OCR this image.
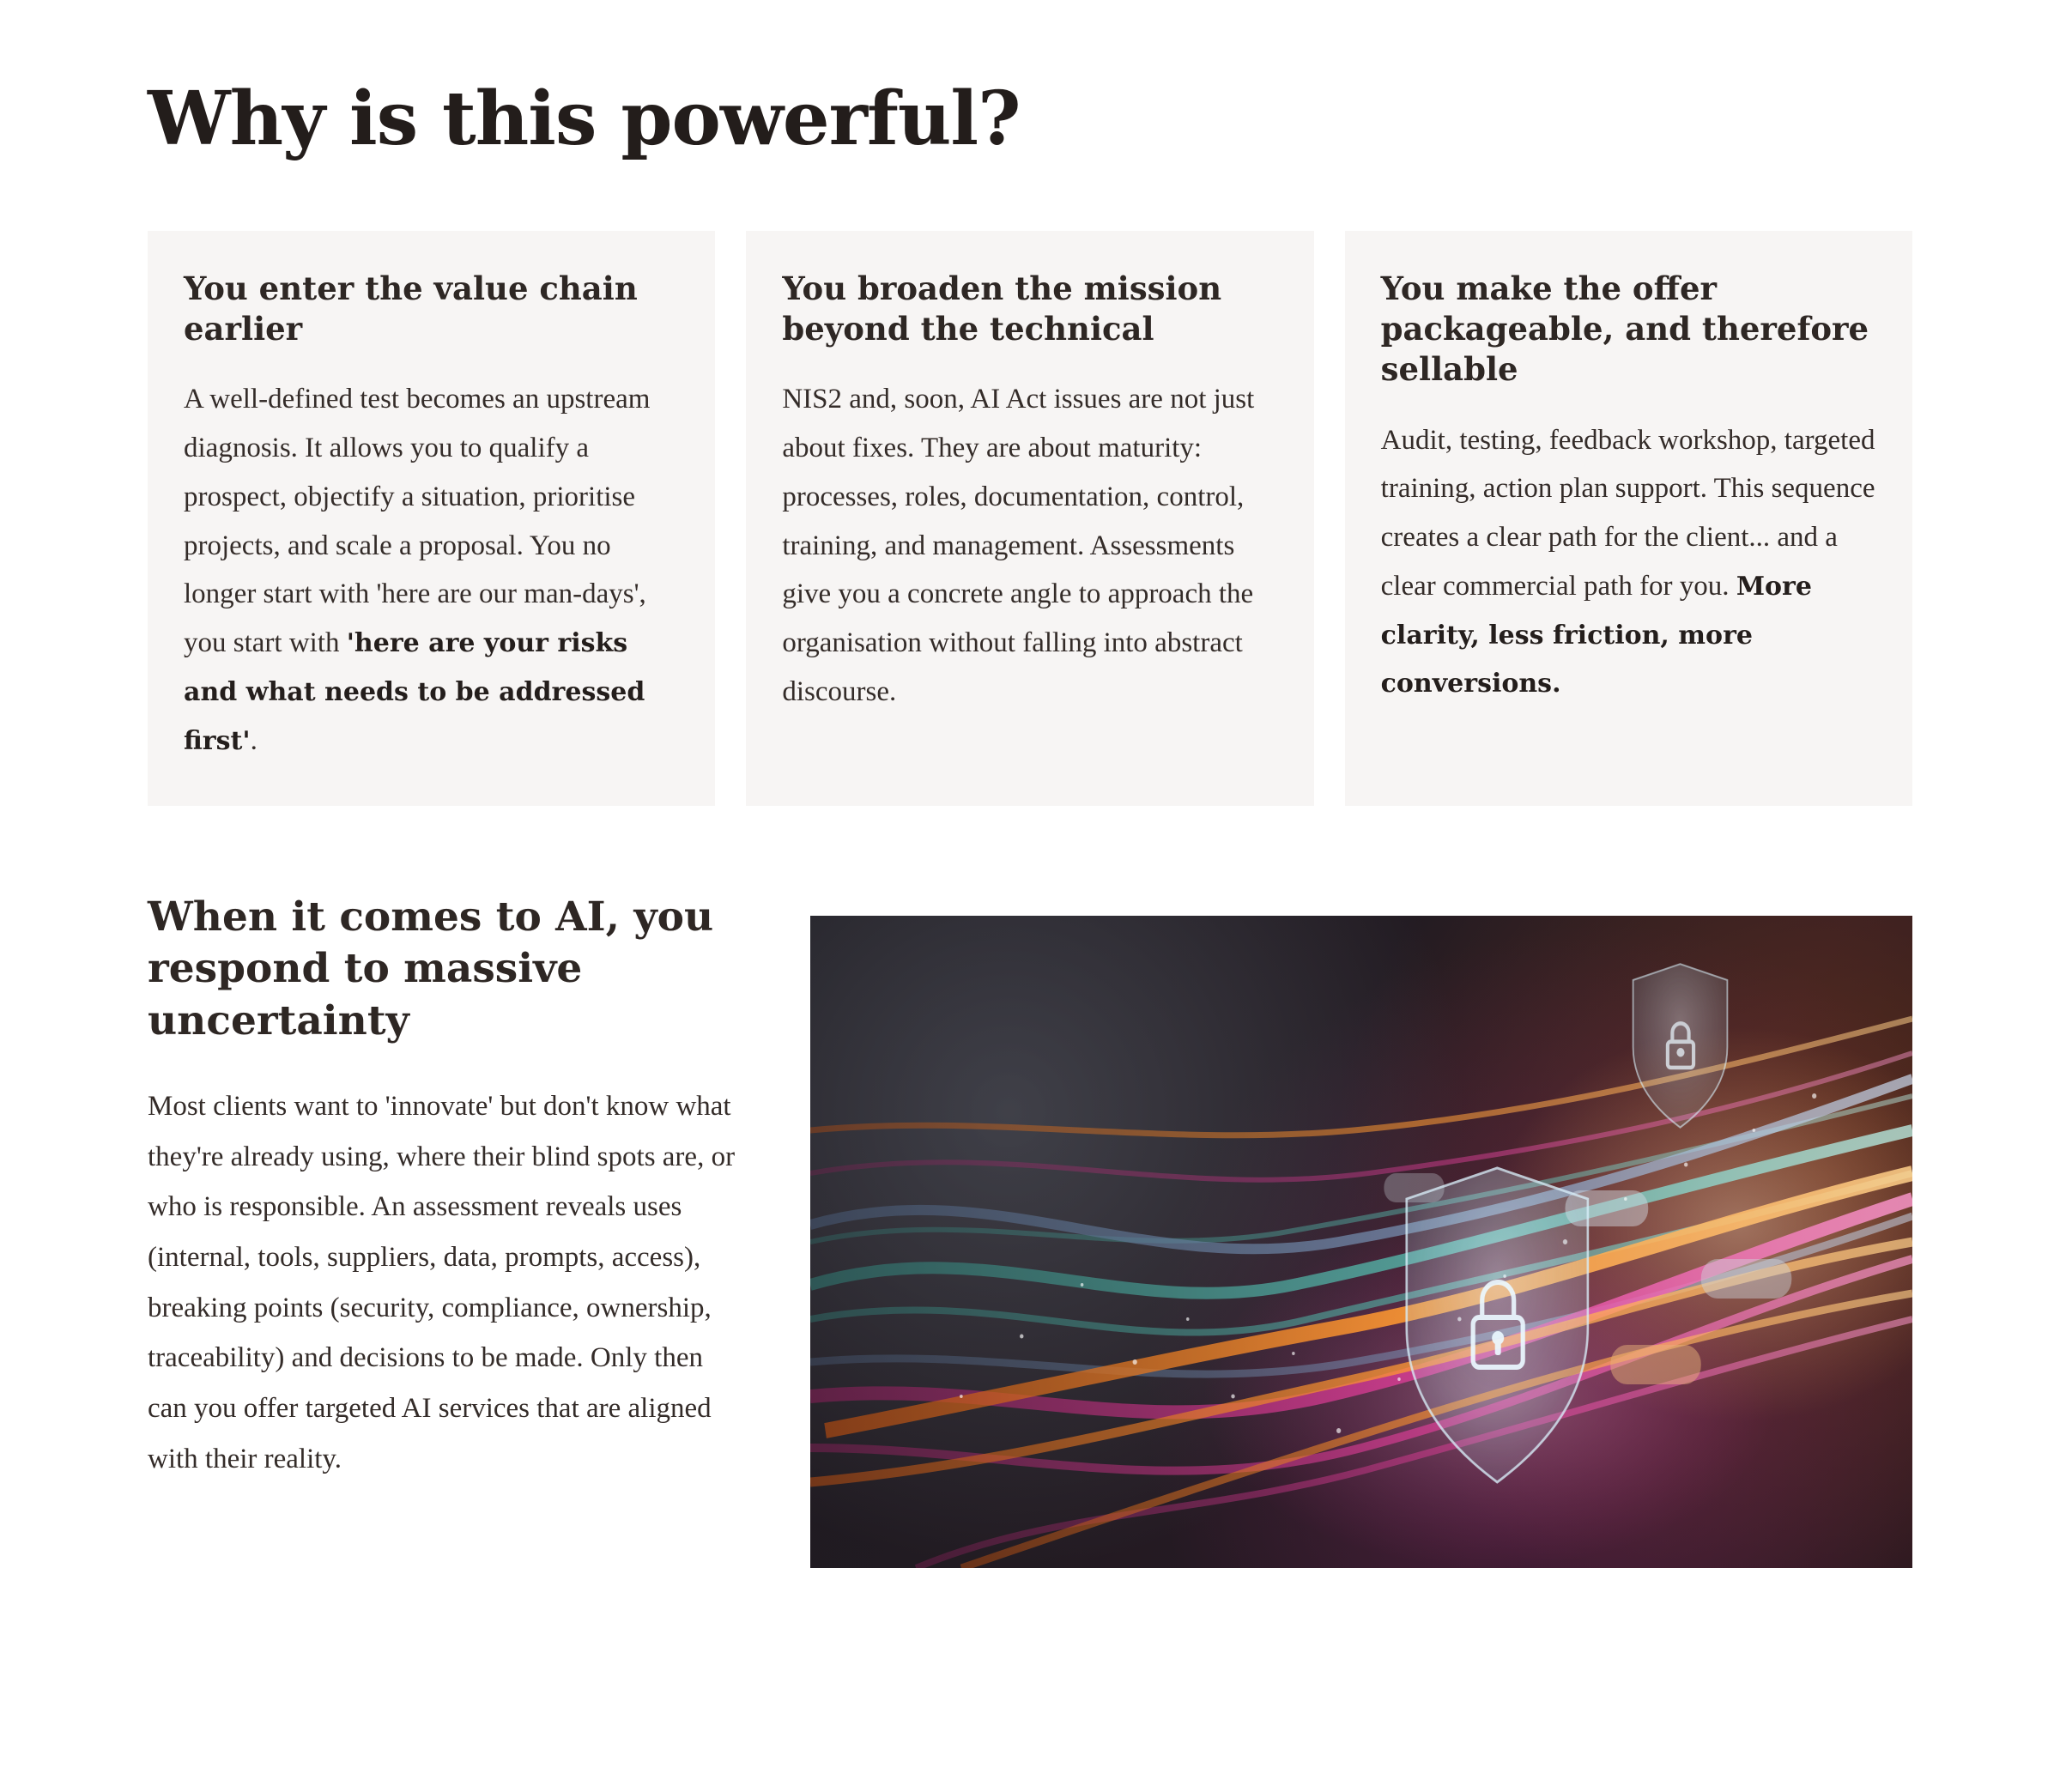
Why is this powerful?
You enter the value chain earlier

A well-defined test becomes an upstream diagnosis. It allows you to qualify a prospect, objectify a situation, prioritise projects, and scale a proposal. You no longer start with 'here are our man-days', you start with 'here are your risks and what needs to be addressed first'.

You broaden the mission beyond the technical

NIS2 and, soon, AI Act issues are not just about fixes. They are about maturity: processes, roles, documentation, control, training, and management. Assessments give you a concrete angle to approach the organisation without falling into abstract discourse.

You make the offer packageable, and therefore sellable

Audit, testing, feedback workshop, targeted training, action plan support. This sequence creates a clear path for the client... and a clear commercial path for you. More clarity, less friction, more conversions.

When it comes to AI, you respond to massive uncertainty

Most clients want to 'innovate' but don't know what they're already using, where their blind spots are, or who is responsible. An assessment reveals uses (internal, tools, suppliers, data, prompts, access), breaking points (security, compliance, ownership, traceability) and decisions to be made. Only then can you offer targeted AI services that are aligned with their reality.
